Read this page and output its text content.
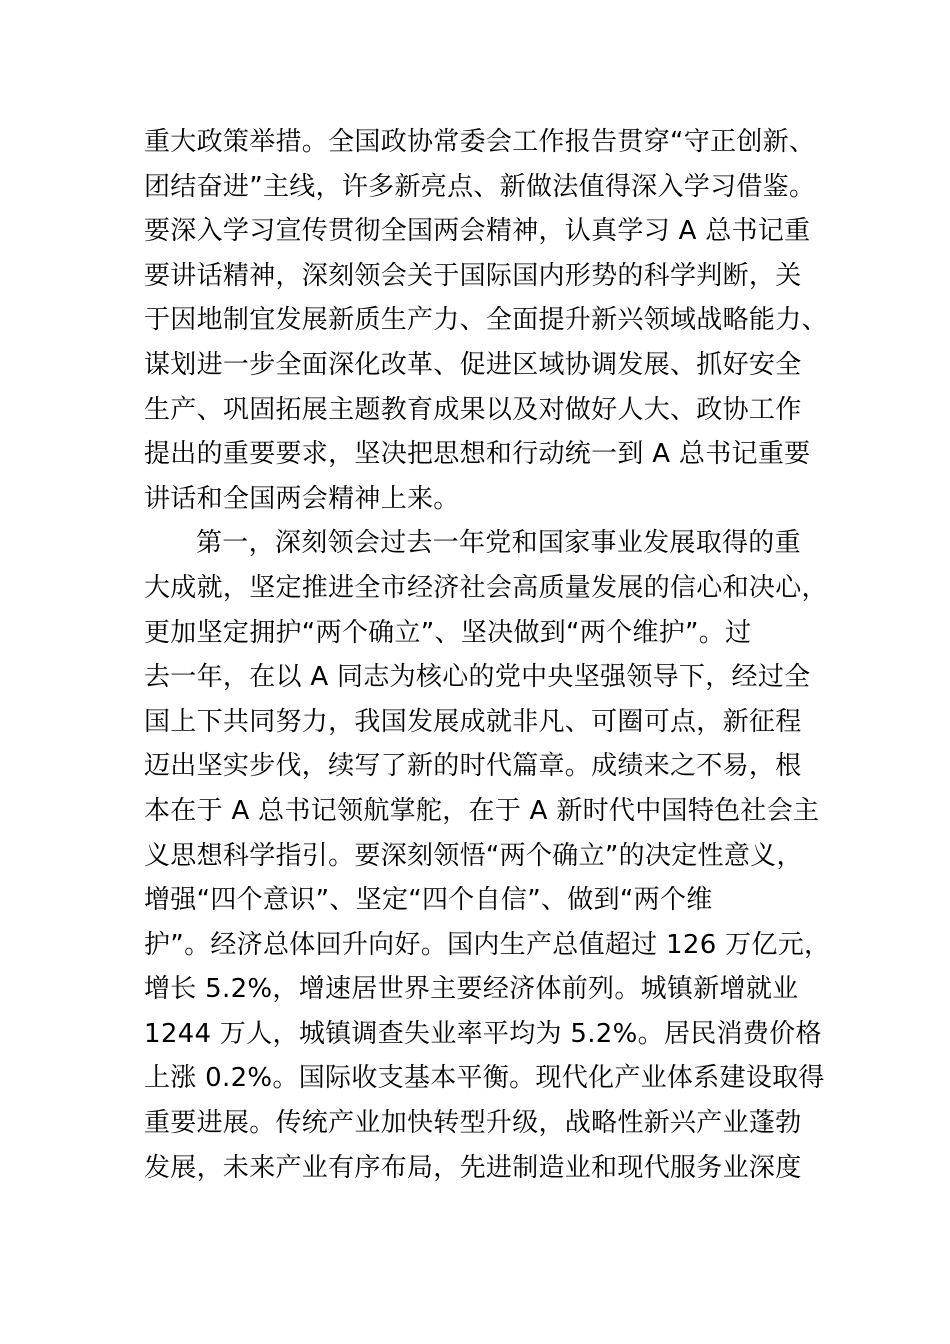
重大政策举措。全国政协常委会工作报告贯穿“守正创新、
团结奋进”主线，许多新亮点、新做法值得深入学习借鉴。
要深入学习宣传贯彻全国两会精神，认真学习 A 总书记重
要讲话精神，深刻领会关于国际国内形势的科学判断，关
于因地制宜发展新质生产力、全面提升新兴领域战略能力、
谋划进一步全面深化改革、促进区域协调发展、抓好安全
生产、巩固拓展主题教育成果以及对做好人大、政协工作
提出的重要要求，坚决把思想和行动统一到 A 总书记重要
讲话和全国两会精神上来。
第一，深刻领会过去一年党和国家事业发展取得的重
大成就，坚定推进全市经济社会高质量发展的信心和决心，
更加坚定拥护“两个确立”、坚决做到“两个维护”。过
去一年，在以 A 同志为核心的党中央坚强领导下，经过全
国上下共同努力，我国发展成就非凡、可圈可点，新征程
迈出坚实步伐，续写了新的时代篇章。成绩来之不易，根
本在于 A 总书记领航掌舵，在于 A 新时代中国特色社会主
义思想科学指引。要深刻领悟“两个确立”的决定性意义，
增强“四个意识”、坚定“四个自信”、做到“两个维
护”。经济总体回升向好。国内生产总值超过 126 万亿元，
增长 5.2%，增速居世界主要经济体前列。城镇新增就业
1244 万人，城镇调查失业率平均为 5.2%。居民消费价格
上涨 0.2%。国际收支基本平衡。现代化产业体系建设取得
重要进展。传统产业加快转型升级，战略性新兴产业蓬勃
发展，未来产业有序布局，先进制造业和现代服务业深度
